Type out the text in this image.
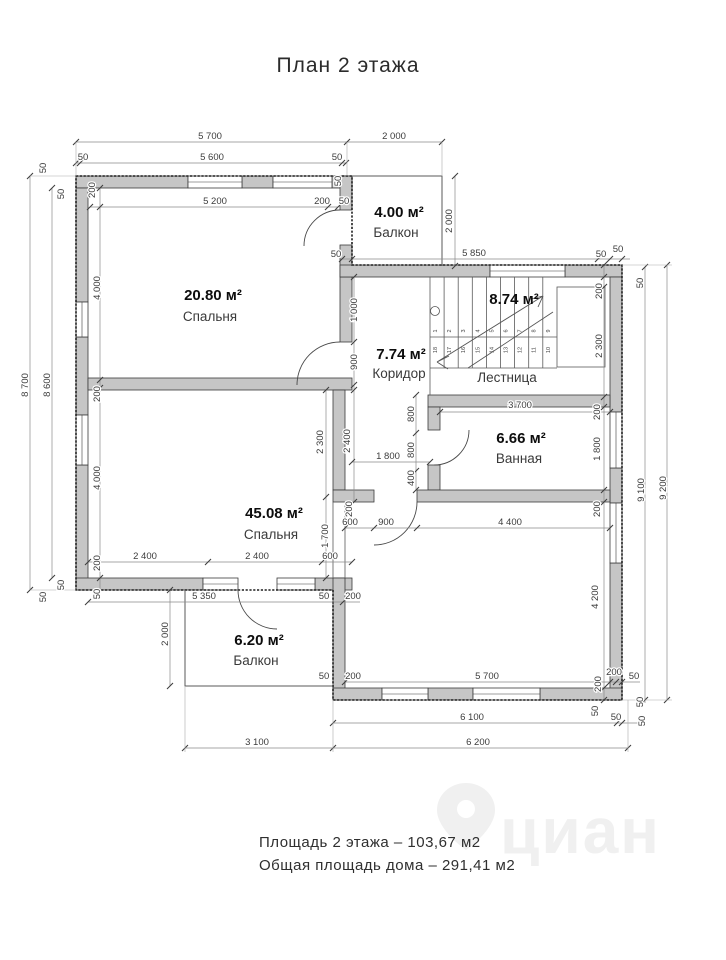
План 2 этажа
циан
5 700	2 000
50	5 600	50
50
50 200
5 200	200 50
50
8 700 8 600
4 000
200
4 000
200
50
50
50
2 000
50	5 850	50 50
50
200
2 300
1 000
900
2 400
2 300
800
800
400
1 800
3 700	200
1 800
200
600 900	4 400
200
1 700
2 400	2 400	600
5 350	50 200
2 000
50 200	5 700	200 50
4 200
200
50
6 100	50
6 200
3 100
9 100 9 200
50
50
20.80 м²
Спальня
4.00 м²
Балкон
8.74 м²
Лестница
7.74 м²
Коридор
6.66 м²
Ванная
45.08 м²
Спальня
6.20 м²
Балкон
1 2 3 4 5 6 7 8 9
18 17 16 15 14 13 12 11 10
Площадь 2 этажа – 103,67 м2
Общая площадь дома – 291,41 м2
